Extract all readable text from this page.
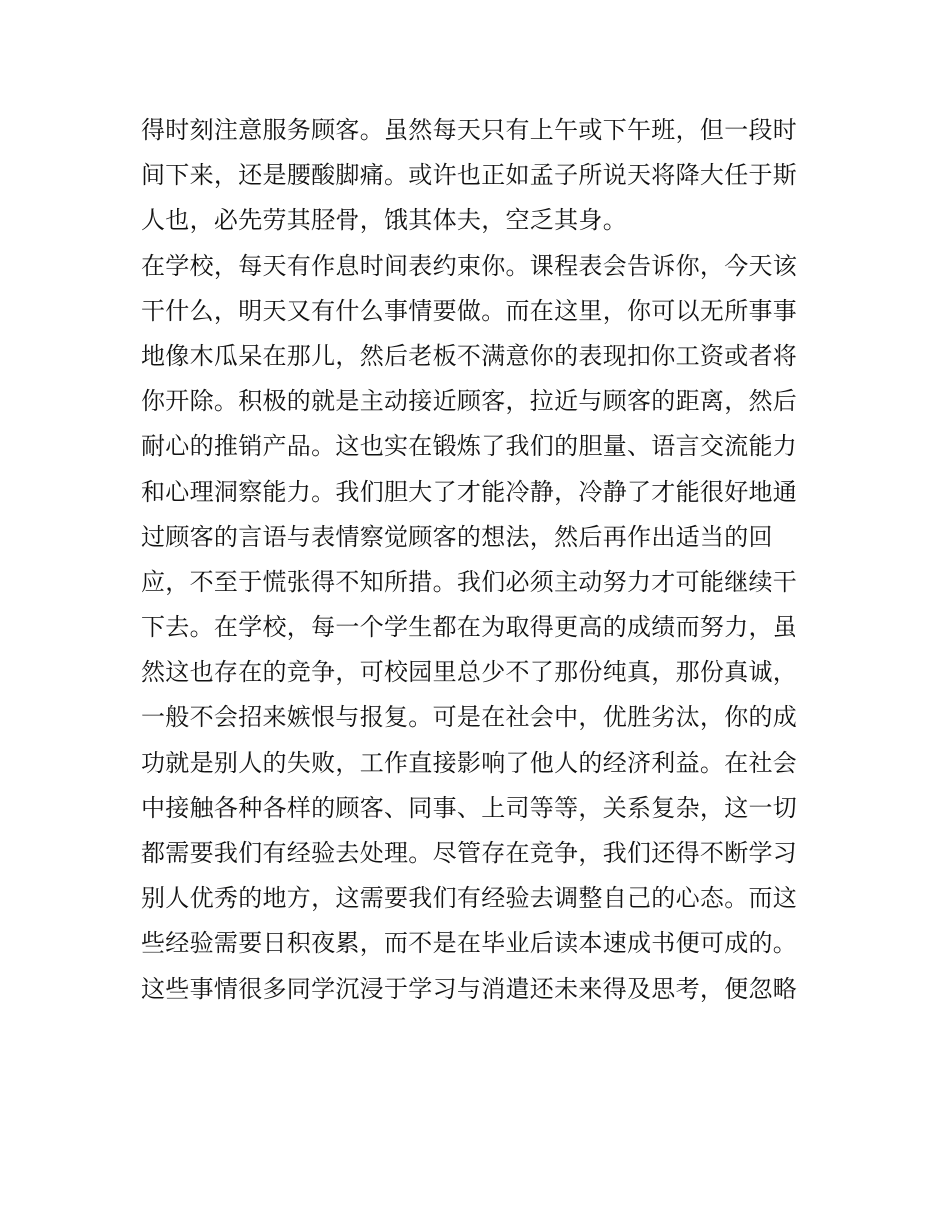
得时刻注意服务顾客。虽然每天只有上午或下午班，但一段时
间下来，还是腰酸脚痛。或许也正如孟子所说天将降大任于斯
人也，必先劳其胫骨，饿其体夫，空乏其身。
在学校，每天有作息时间表约束你。课程表会告诉你，今天该
干什么，明天又有什么事情要做。而在这里，你可以无所事事
地像木瓜呆在那儿，然后老板不满意你的表现扣你工资或者将
你开除。积极的就是主动接近顾客，拉近与顾客的距离，然后
耐心的推销产品。这也实在锻炼了我们的胆量、语言交流能力
和心理洞察能力。我们胆大了才能冷静，冷静了才能很好地通
过顾客的言语与表情察觉顾客的想法，然后再作出适当的回
应，不至于慌张得不知所措。我们必须主动努力才可能继续干
下去。在学校，每一个学生都在为取得更高的成绩而努力，虽
然这也存在的竞争，可校园里总少不了那份纯真，那份真诚，
一般不会招来嫉恨与报复。可是在社会中，优胜劣汰，你的成
功就是别人的失败，工作直接影响了他人的经济利益。在社会
中接触各种各样的顾客、同事、上司等等，关系复杂，这一切
都需要我们有经验去处理。尽管存在竞争，我们还得不断学习
别人优秀的地方，这需要我们有经验去调整自己的心态。而这
些经验需要日积夜累，而不是在毕业后读本速成书便可成的。
这些事情很多同学沉浸于学习与消遣还未来得及思考，便忽略
